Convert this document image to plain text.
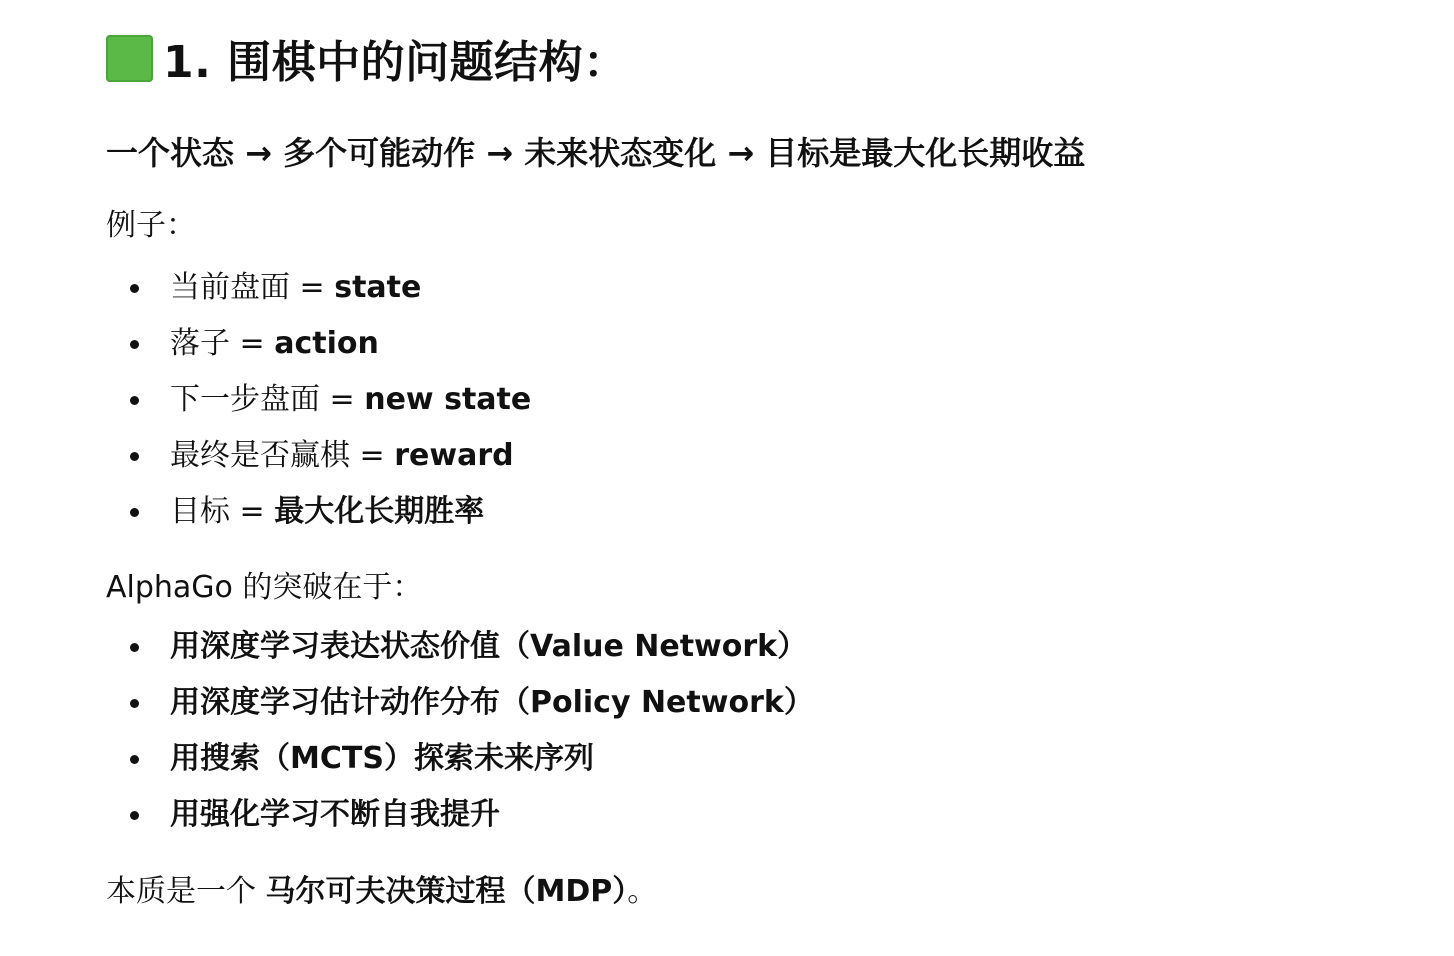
1. 围棋中的问题结构：
一个状态 → 多个可能动作 → 未来状态变化 → 目标是最大化长期收益
例子：
当前盘面 = state
落子 = action
下一步盘面 = new state
最终是否赢棋 = reward
目标 = 最大化长期胜率
AlphaGo 的突破在于：
用深度学习表达状态价值（Value Network）
用深度学习估计动作分布（Policy Network）
用搜索（MCTS）探索未来序列
用强化学习不断自我提升
本质是一个 马尔可夫决策过程（MDP）。
